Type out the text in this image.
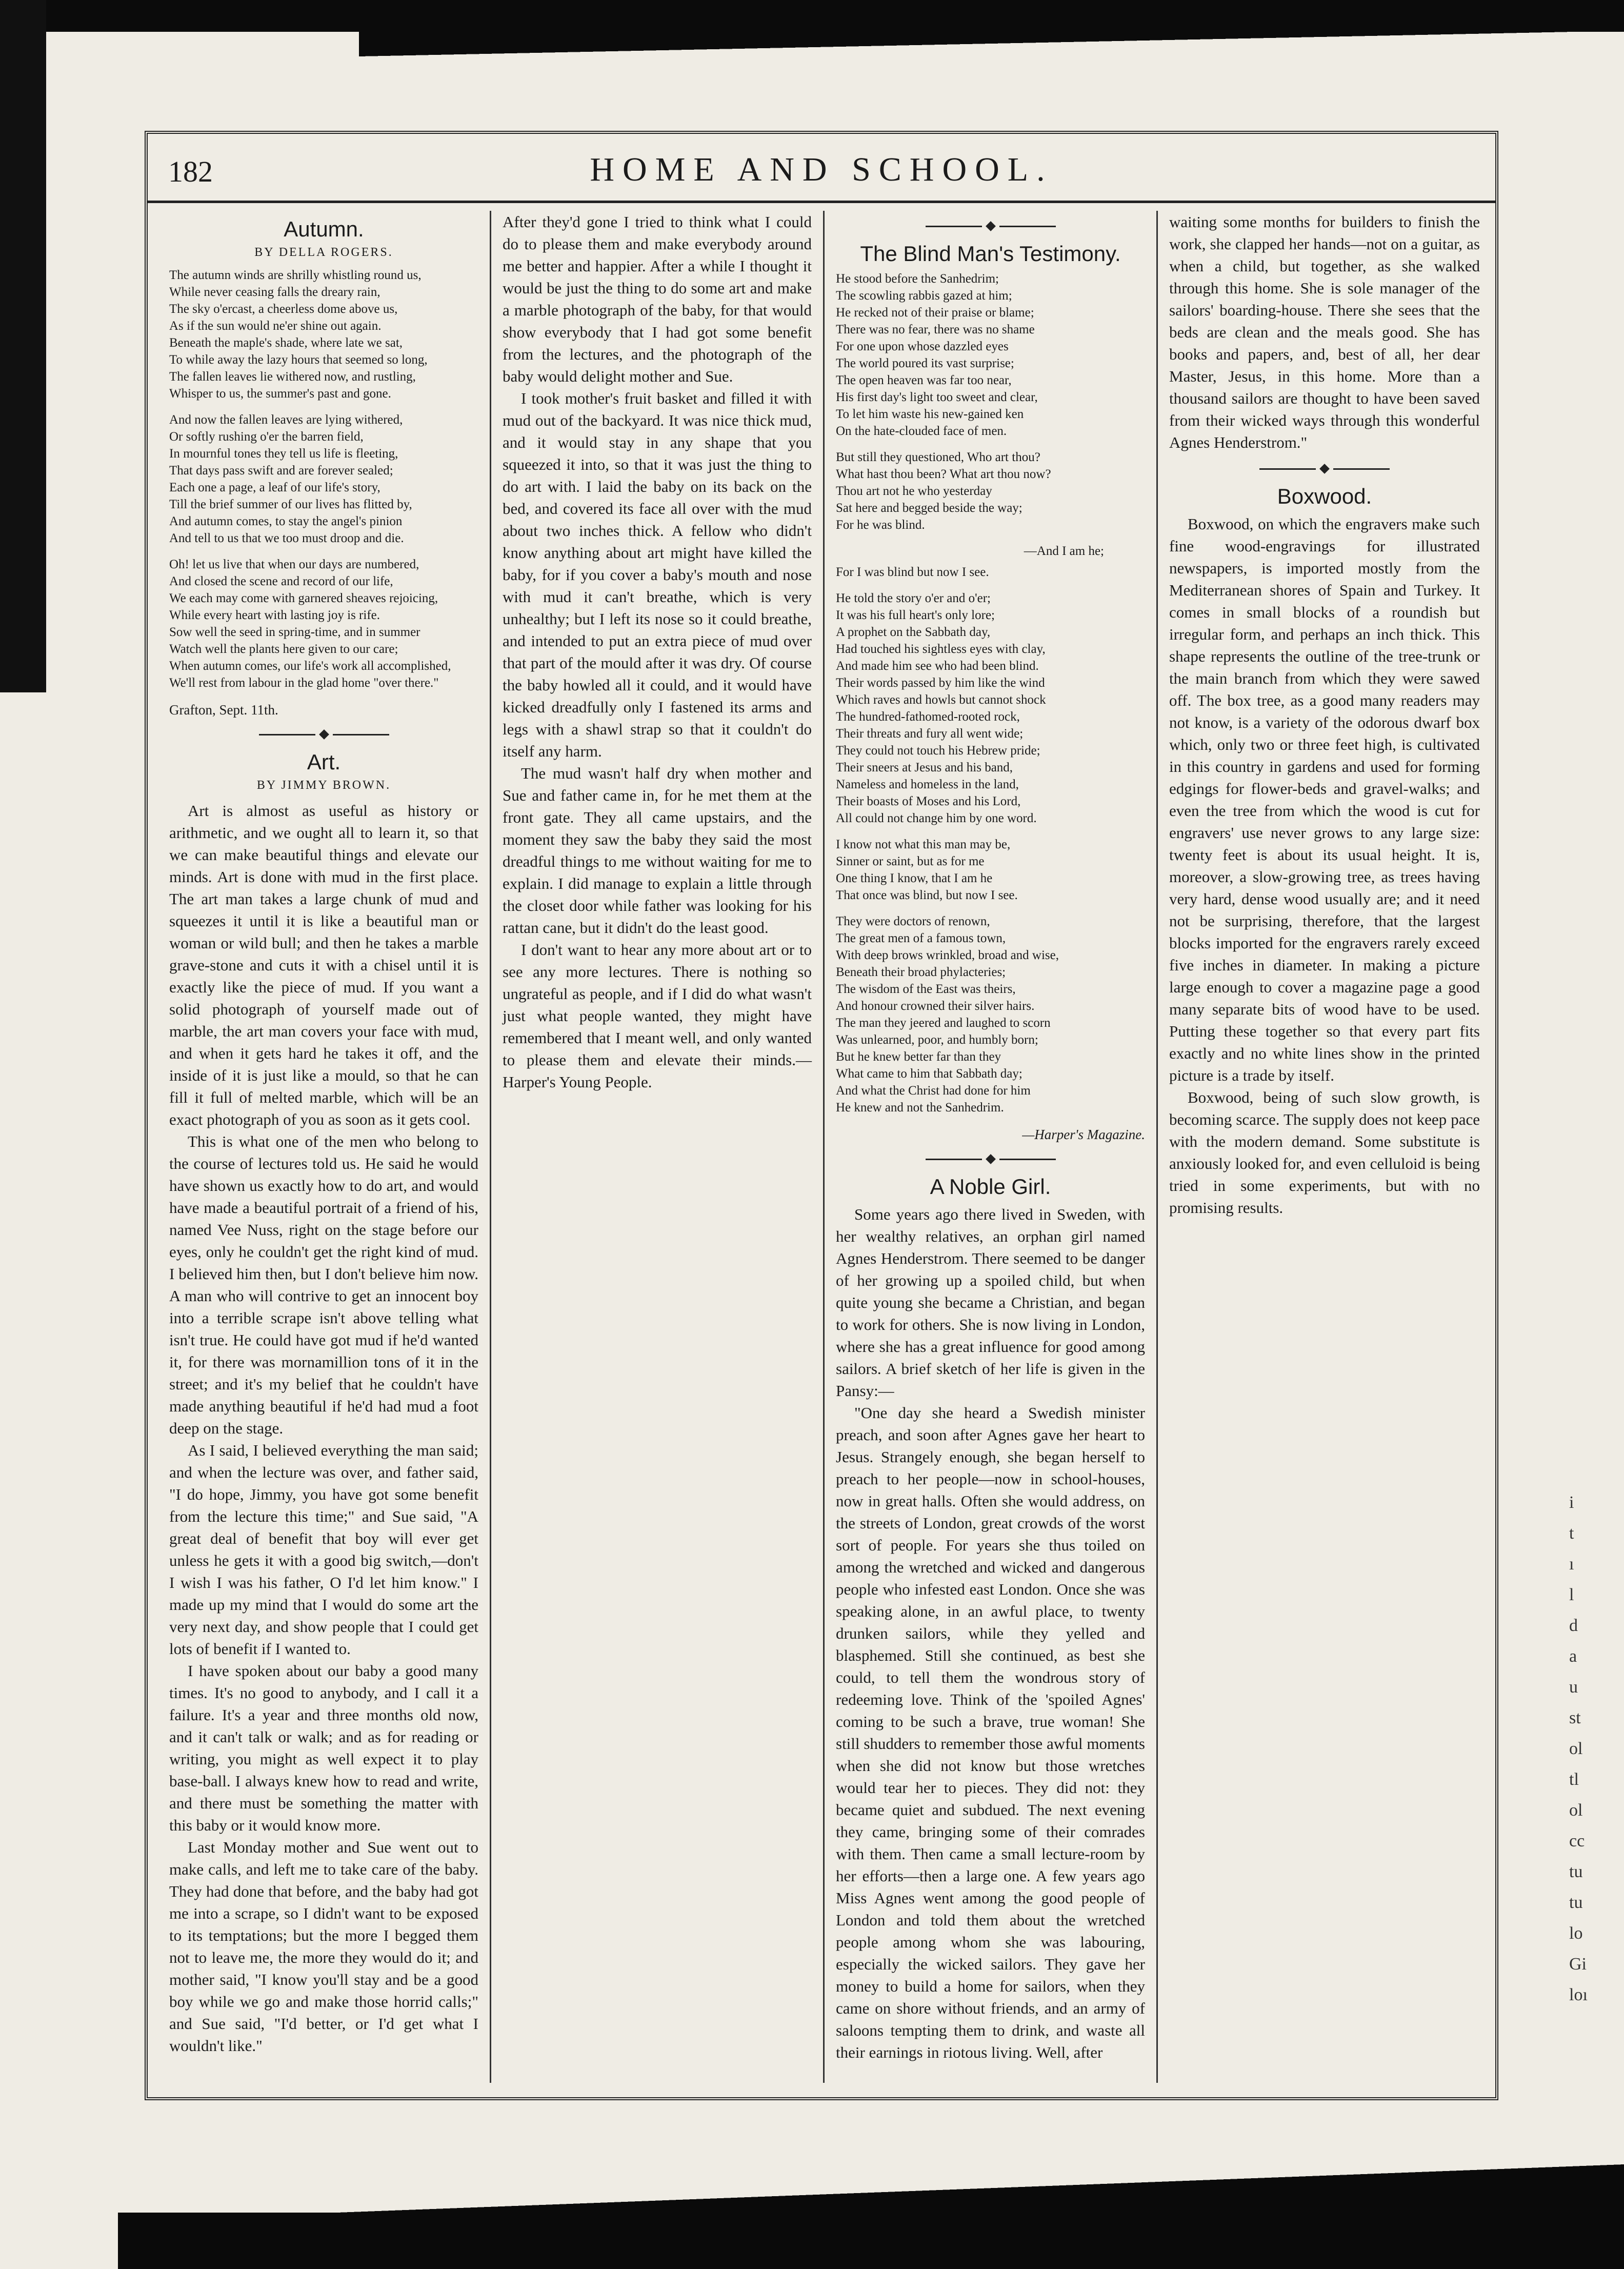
182	HOME AND SCHOOL.
Autumn.
BY DELLA ROGERS.
The autumn winds are shrilly whistling round us,
While never ceasing falls the dreary rain,
The sky o'ercast, a cheerless dome above us,
As if the sun would ne'er shine out again.
Beneath the maple's shade, where late we sat,
To while away the lazy hours that seemed so long,
The fallen leaves lie withered now, and rustling,
Whisper to us, the summer's past and gone.
And now the fallen leaves are lying withered,
Or softly rushing o'er the barren field,
In mournful tones they tell us life is fleeting,
That days pass swift and are forever sealed;
Each one a page, a leaf of our life's story,
Till the brief summer of our lives has flitted by,
And autumn comes, to stay the angel's pinion
And tell to us that we too must droop and die.
Oh! let us live that when our days are numbered,
And closed the scene and record of our life,
We each may come with garnered sheaves rejoicing,
While every heart with lasting joy is rife.
Sow well the seed in spring-time, and in summer
Watch well the plants here given to our care;
When autumn comes, our life's work all accomplished,
We'll rest from labour in the glad home "over there."
Grafton, Sept. 11th.
Art.
BY JIMMY BROWN.

Art is almost as useful as history or arithmetic, and we ought all to learn it, so that we can make beautiful things and elevate our minds. Art is done with mud in the first place. The art man takes a large chunk of mud and squeezes it until it is like a beautiful man or woman or wild bull; and then he takes a marble grave-stone and cuts it with a chisel until it is exactly like the piece of mud. If you want a solid photograph of yourself made out of marble, the art man covers your face with mud, and when it gets hard he takes it off, and the inside of it is just like a mould, so that he can fill it full of melted marble, which will be an exact photograph of you as soon as it gets cool.

This is what one of the men who belong to the course of lectures told us. He said he would have shown us exactly how to do art, and would have made a beautiful portrait of a friend of his, named Vee Nuss, right on the stage before our eyes, only he couldn't get the right kind of mud. I believed him then, but I don't believe him now. A man who will contrive to get an innocent boy into a terrible scrape isn't above telling what isn't true. He could have got mud if he'd wanted it, for there was mornamillion tons of it in the street; and it's my belief that he couldn't have made anything beautiful if he'd had mud a foot deep on the stage.

As I said, I believed everything the man said; and when the lecture was over, and father said, "I do hope, Jimmy, you have got some benefit from the lecture this time;" and Sue said, "A great deal of benefit that boy will ever get unless he gets it with a good big switch,—don't I wish I was his father, O I'd let him know." I made up my mind that I would do some art the very next day, and show people that I could get lots of benefit if I wanted to.

I have spoken about our baby a good many times. It's no good to anybody, and I call it a failure. It's a year and three months old now, and it can't talk or walk; and as for reading or writing, you might as well expect it to play base-ball. I always knew how to read and write, and there must be something the matter with this baby or it would know more.

Last Monday mother and Sue went out to make calls, and left me to take care of the baby. They had done that before, and the baby had got me into a scrape, so I didn't want to be exposed to its temptations; but the more I begged them not to leave me, the more they would do it; and mother said, "I know you'll stay and be a good boy while we go and make those horrid calls;" and Sue said, "I'd better, or I'd get what I wouldn't like."

After they'd gone I tried to think what I could do to please them and make everybody around me better and happier. After a while I thought it would be just the thing to do some art and make a marble photograph of the baby, for that would show everybody that I had got some benefit from the lectures, and the photograph of the baby would delight mother and Sue.

I took mother's fruit basket and filled it with mud out of the backyard. It was nice thick mud, and it would stay in any shape that you squeezed it into, so that it was just the thing to do art with. I laid the baby on its back on the bed, and covered its face all over with the mud about two inches thick. A fellow who didn't know anything about art might have killed the baby, for if you cover a baby's mouth and nose with mud it can't breathe, which is very unhealthy; but I left its nose so it could breathe, and intended to put an extra piece of mud over that part of the mould after it was dry. Of course the baby howled all it could, and it would have kicked dreadfully only I fastened its arms and legs with a shawl strap so that it couldn't do itself any harm.

The mud wasn't half dry when mother and Sue and father came in, for he met them at the front gate. They all came upstairs, and the moment they saw the baby they said the most dreadful things to me without waiting for me to explain. I did manage to explain a little through the closet door while father was looking for his rattan cane, but it didn't do the least good.

I don't want to hear any more about art or to see any more lectures. There is nothing so ungrateful as people, and if I did do what wasn't just what people wanted, they might have remembered that I meant well, and only wanted to please them and elevate their minds.—Harper's Young People.

The Blind Man's Testimony.
He stood before the Sanhedrim;
The scowling rabbis gazed at him;
He recked not of their praise or blame;
There was no fear, there was no shame
For one upon whose dazzled eyes
The world poured its vast surprise;
The open heaven was far too near,
His first day's light too sweet and clear,
To let him waste his new-gained ken
On the hate-clouded face of men.
But still they questioned, Who art thou?
What hast thou been? What art thou now?
Thou art not he who yesterday
Sat here and begged beside the way;
For he was blind.
—And I am he;
For I was blind but now I see.
He told the story o'er and o'er;
It was his full heart's only lore;
A prophet on the Sabbath day,
Had touched his sightless eyes with clay,
And made him see who had been blind.
Their words passed by him like the wind
Which raves and howls but cannot shock
The hundred-fathomed-rooted rock,
Their threats and fury all went wide;
They could not touch his Hebrew pride;
Their sneers at Jesus and his band,
Nameless and homeless in the land,
Their boasts of Moses and his Lord,
All could not change him by one word.
I know not what this man may be,
Sinner or saint, but as for me
One thing I know, that I am he
That once was blind, but now I see.
They were doctors of renown,
The great men of a famous town,
With deep brows wrinkled, broad and wise,
Beneath their broad phylacteries;
The wisdom of the East was theirs,
And honour crowned their silver hairs.
The man they jeered and laughed to scorn
Was unlearned, poor, and humbly born;
But he knew better far than they
What came to him that Sabbath day;
And what the Christ had done for him
He knew and not the Sanhedrim.
—Harper's Magazine.
A Noble Girl.

Some years ago there lived in Sweden, with her wealthy relatives, an orphan girl named Agnes Henderstrom. There seemed to be danger of her growing up a spoiled child, but when quite young she became a Christian, and began to work for others. She is now living in London, where she has a great influence for good among sailors. A brief sketch of her life is given in the Pansy:—

"One day she heard a Swedish minister preach, and soon after Agnes gave her heart to Jesus. Strangely enough, she began herself to preach to her people—now in school-houses, now in great halls. Often she would address, on the streets of London, great crowds of the worst sort of people. For years she thus toiled on among the wretched and wicked and dangerous people who infested east London. Once she was speaking alone, in an awful place, to twenty drunken sailors, while they yelled and blasphemed. Still she continued, as best she could, to tell them the wondrous story of redeeming love. Think of the 'spoiled Agnes' coming to be such a brave, true woman! She still shudders to remember those awful moments when she did not know but those wretches would tear her to pieces. They did not: they became quiet and subdued. The next evening they came, bringing some of their comrades with them. Then came a small lecture-room by her efforts—then a large one. A few years ago Miss Agnes went among the good people of London and told them about the wretched people among whom she was labouring, especially the wicked sailors. They gave her money to build a home for sailors, when they came on shore without friends, and an army of saloons tempting them to drink, and waste all their earnings in riotous living. Well, after

waiting some months for builders to finish the work, she clapped her hands—not on a guitar, as when a child, but together, as she walked through this home. She is sole manager of the sailors' boarding-house. There she sees that the beds are clean and the meals good. She has books and papers, and, best of all, her dear Master, Jesus, in this home. More than a thousand sailors are thought to have been saved from their wicked ways through this wonderful Agnes Henderstrom."

Boxwood.

Boxwood, on which the engravers make such fine wood-engravings for illustrated newspapers, is imported mostly from the Mediterranean shores of Spain and Turkey. It comes in small blocks of a roundish but irregular form, and perhaps an inch thick. This shape represents the outline of the tree-trunk or the main branch from which they were sawed off. The box tree, as a good many readers may not know, is a variety of the odorous dwarf box which, only two or three feet high, is cultivated in this country in gardens and used for forming edgings for flower-beds and gravel-walks; and even the tree from which the wood is cut for engravers' use never grows to any large size: twenty feet is about its usual height. It is, moreover, a slow-growing tree, as trees having very hard, dense wood usually are; and it need not be surprising, therefore, that the largest blocks imported for the engravers rarely exceed five inches in diameter. In making a picture large enough to cover a magazine page a good many separate bits of wood have to be used. Putting these together so that every part fits exactly and no white lines show in the printed picture is a trade by itself.

Boxwood, being of such slow growth, is becoming scarce. The supply does not keep pace with the modern demand. Some substitute is anxiously looked for, and even celluloid is being tried in some experiments, but with no promising results.

i
t
ı
l
d
a
u
st
ol
tl
ol
cc
tu
tu
lo
Gi
loı
